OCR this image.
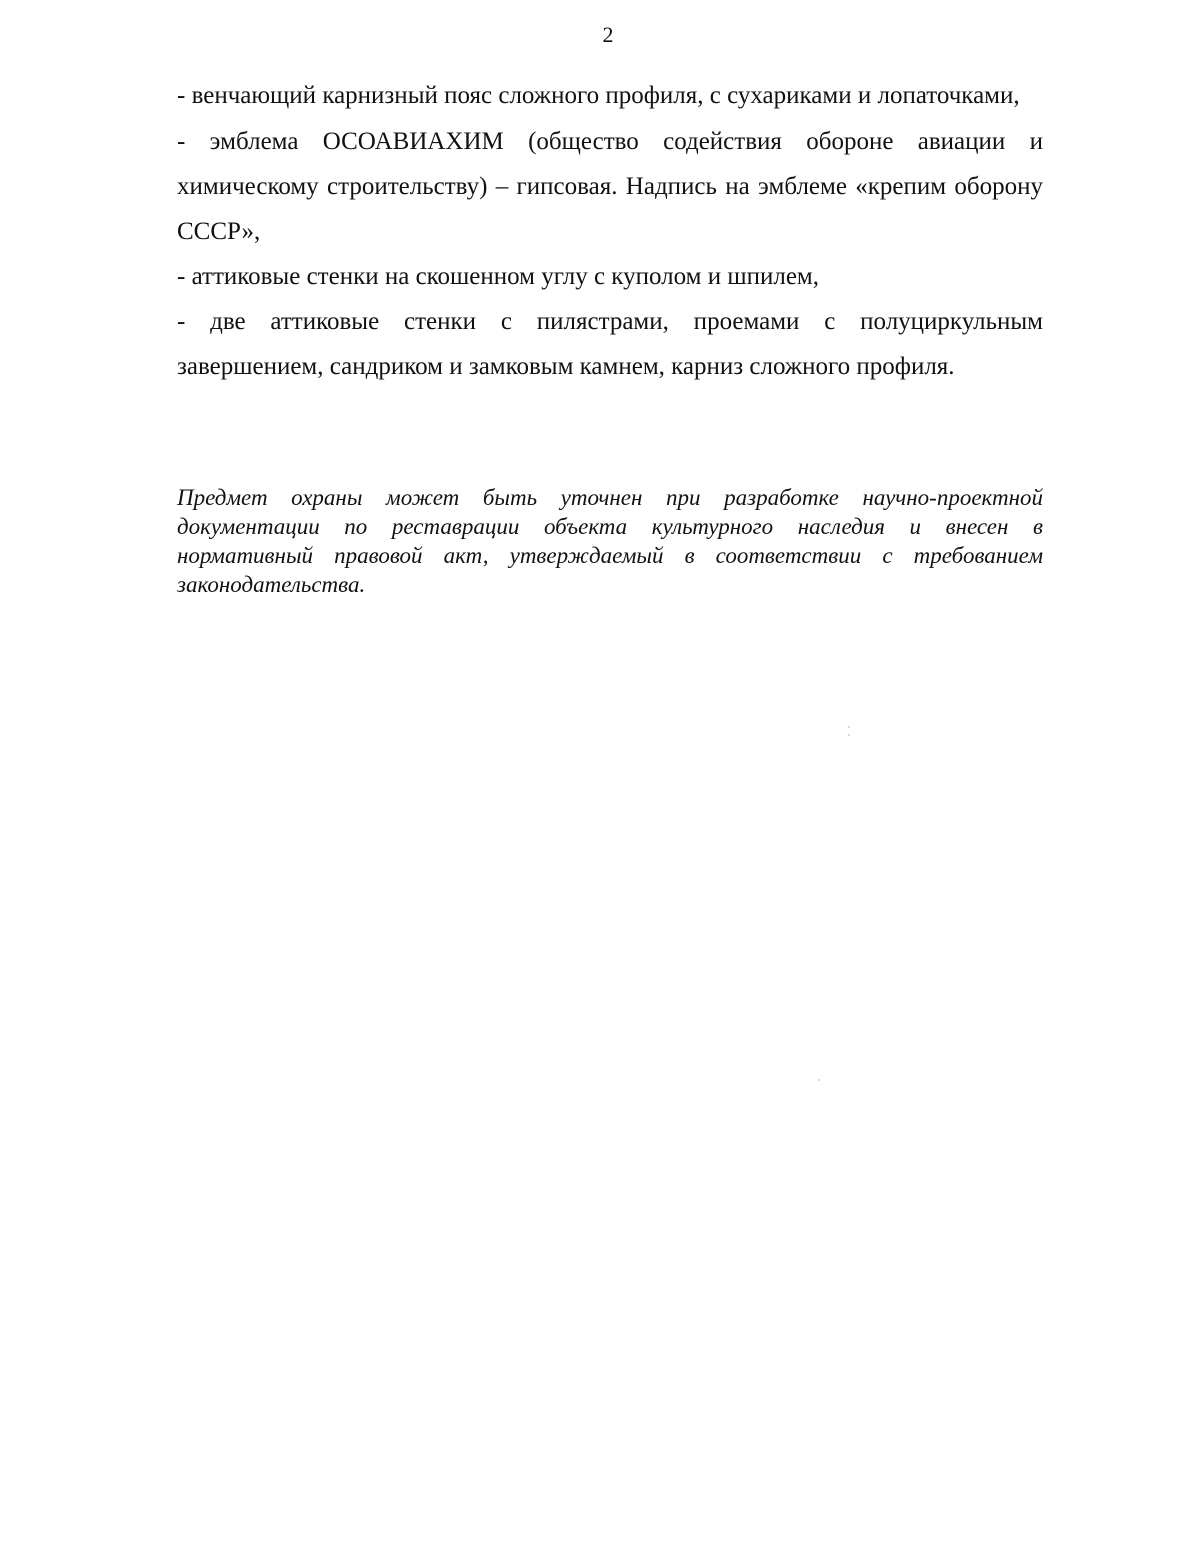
2

- венчающий карнизный пояс сложного профиля, с сухариками и лопаточками,

- эмблема ОСОАВИАХИМ (общество содействия обороне авиации и химическому строительству) – гипсовая. Надпись на эмблеме «крепим оборону СССР»,

- аттиковые стенки на скошенном углу с куполом и шпилем,

- две аттиковые стенки с пилястрами, проемами с полуциркульным завершением, сандриком и замковым камнем, карниз сложного профиля.

Предмет охраны может быть уточнен при разработке научно-проектной документации по реставрации объекта культурного наследия и внесен в нормативный правовой акт, утверждаемый в соответствии с требованием законодательства.
